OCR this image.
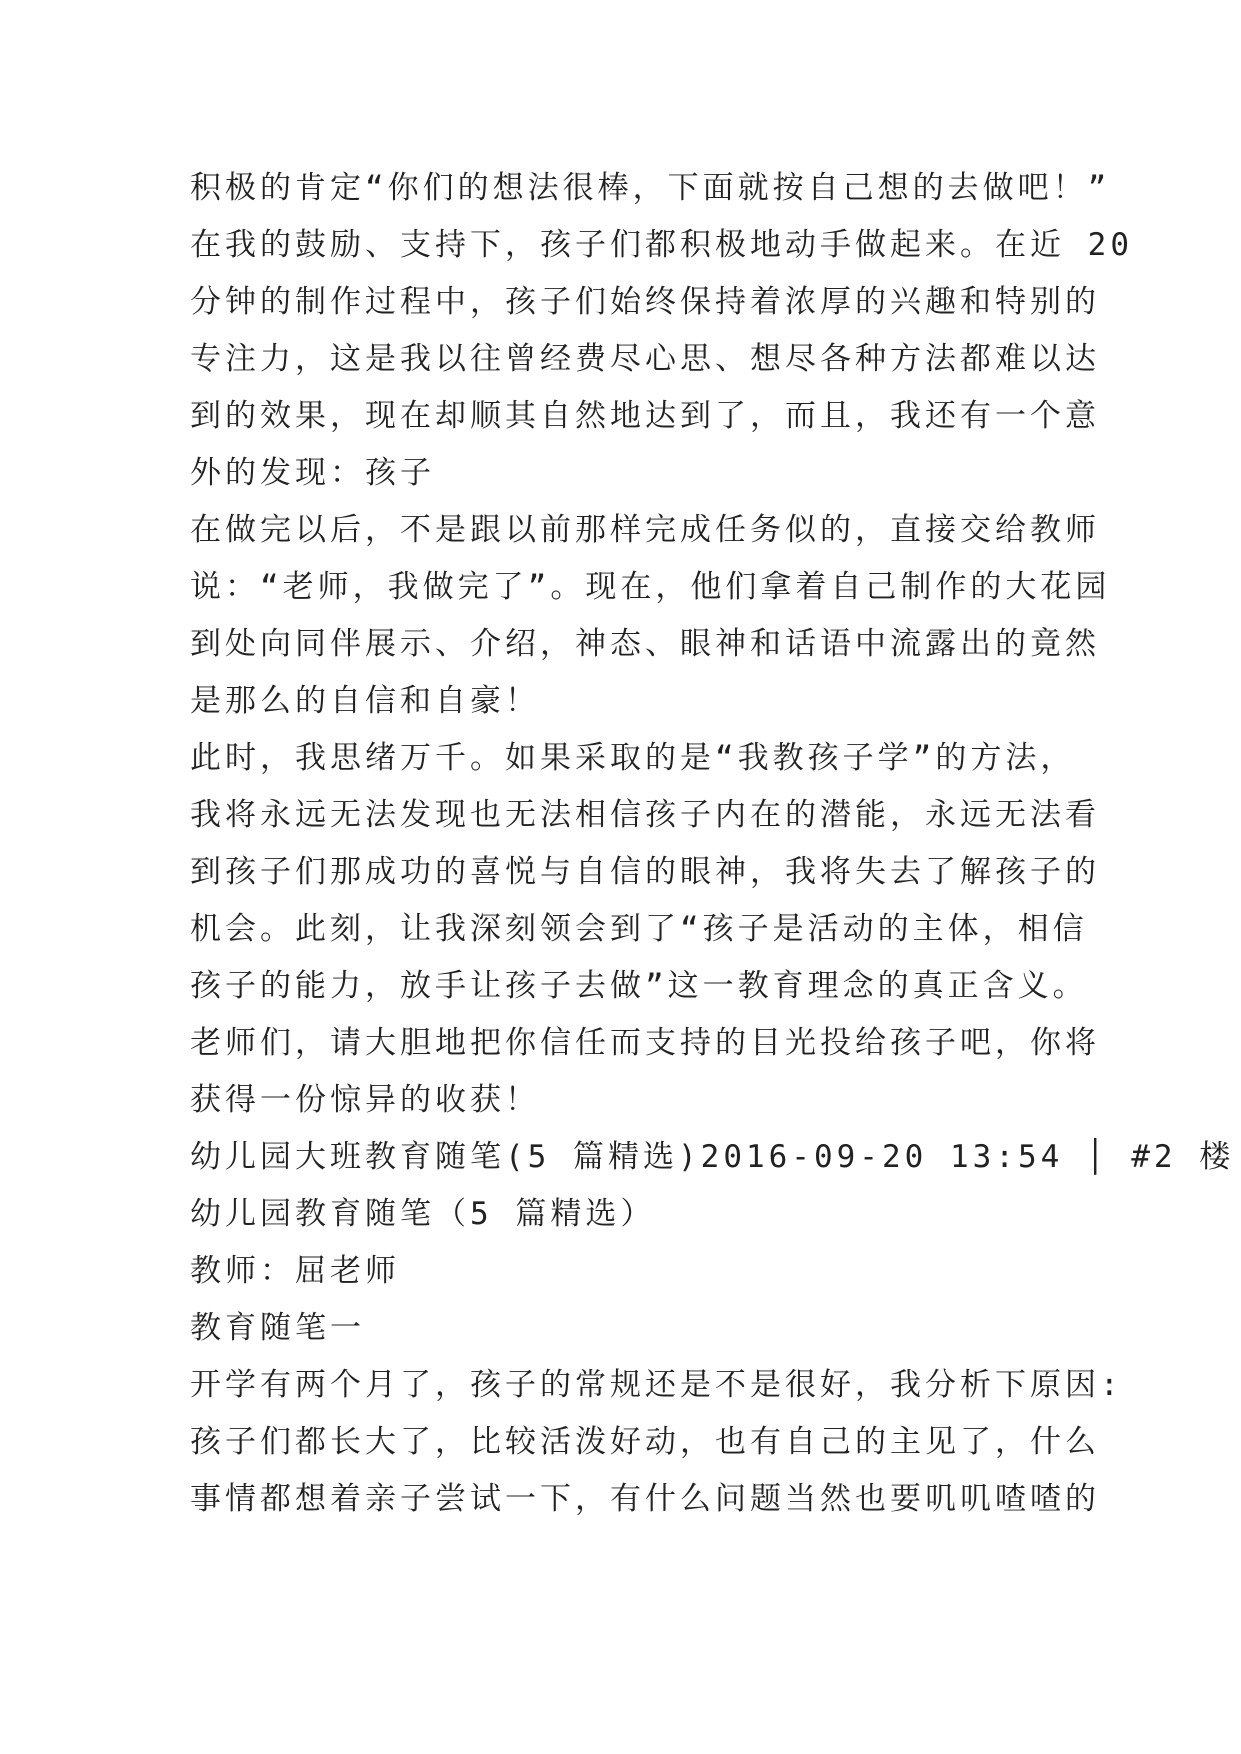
积极的肯定“你们的想法很棒，下面就按自己想的去做吧！”
在我的鼓励、支持下，孩子们都积极地动手做起来。在近 20
分钟的制作过程中，孩子们始终保持着浓厚的兴趣和特别的
专注力，这是我以往曾经费尽心思、想尽各种方法都难以达
到的效果，现在却顺其自然地达到了，而且，我还有一个意
外的发现：孩子
在做完以后，不是跟以前那样完成任务似的，直接交给教师
说：“老师，我做完了”。现在，他们拿着自己制作的大花园
到处向同伴展示、介绍，神态、眼神和话语中流露出的竟然
是那么的自信和自豪！
此时，我思绪万千。如果采取的是“我教孩子学”的方法，
我将永远无法发现也无法相信孩子内在的潜能，永远无法看
到孩子们那成功的喜悦与自信的眼神，我将失去了解孩子的
机会。此刻，让我深刻领会到了“孩子是活动的主体，相信
孩子的能力，放手让孩子去做”这一教育理念的真正含义。
老师们，请大胆地把你信任而支持的目光投给孩子吧，你将
获得一份惊异的收获！
幼儿园大班教育随笔(5 篇精选)2016-09-20 13:54 │ #2 楼
幼儿园教育随笔（5 篇精选）
教师：屈老师
教育随笔一
开学有两个月了，孩子的常规还是不是很好，我分析下原因:
孩子们都长大了，比较活泼好动，也有自己的主见了，什么
事情都想着亲子尝试一下，有什么问题当然也要叽叽喳喳的
